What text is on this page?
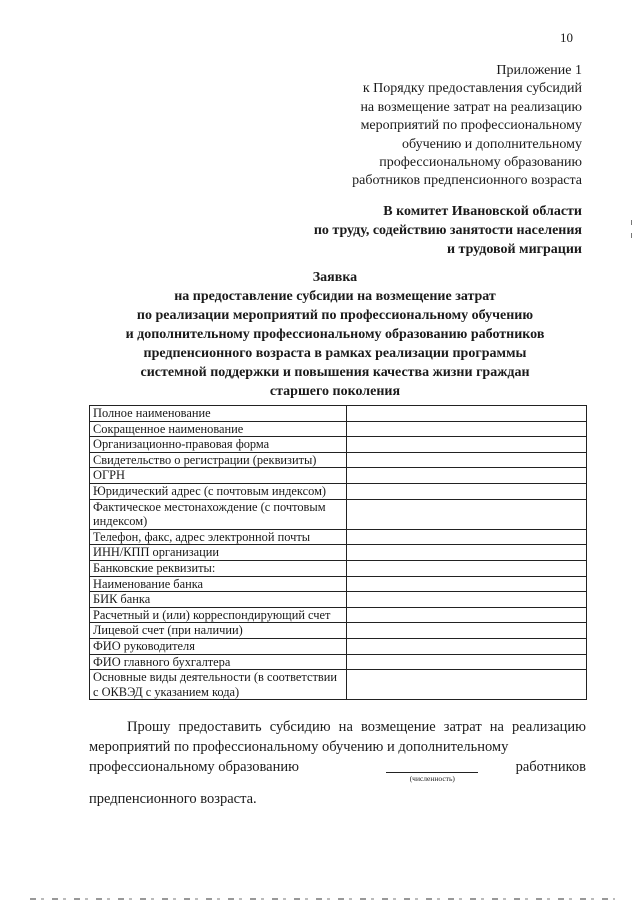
10
Приложение 1
к Порядку предоставления субсидий
на возмещение затрат на реализацию
мероприятий по профессиональному
обучению и дополнительному
профессиональному образованию
работников предпенсионного возраста
В комитет Ивановской области
по труду, содействию занятости населения
и трудовой миграции
Заявка
на предоставление субсидии на возмещение затрат
по реализации мероприятий по профессиональному обучению
и дополнительному профессиональному образованию работников
предпенсионного возраста в рамках реализации программы
системной поддержки и повышения качества жизни граждан
старшего поколения
Полное наименование	
Сокращенное наименование	
Организационно-правовая форма	
Свидетельство о регистрации (реквизиты)	
ОГРН	
Юридический адрес (с почтовым индексом)	
Фактическое местонахождение (с почтовым индексом)	
Телефон, факс, адрес электронной почты	
ИНН/КПП организации	
Банковские реквизиты:	
Наименование банка	
БИК банка	
Расчетный и (или) корреспондирующий счет	
Лицевой счет (при наличии)	
ФИО руководителя	
ФИО главного бухгалтера	
Основные виды деятельности (в соответствии с ОКВЭД с указанием кода)	
Прошу предоставить субсидию на возмещение затрат на реализацию мероприятий по профессиональному обучению и дополнительному
профессиональному образованию
(численность)
работников
предпенсионного возраста.
